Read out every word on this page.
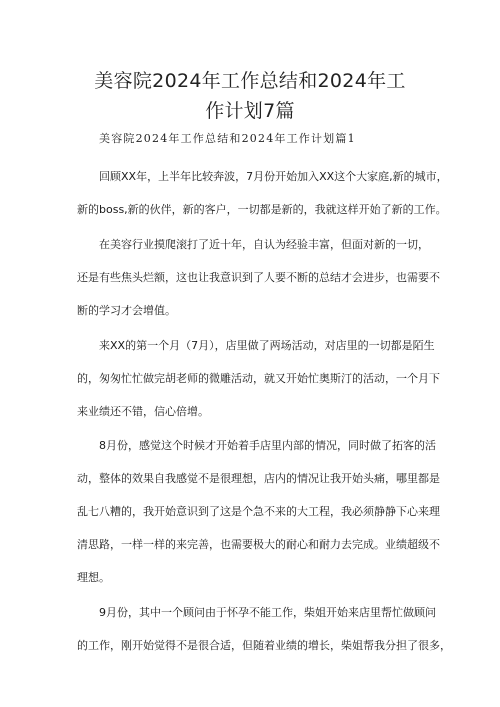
美容院2024年工作总结和2024年工
作计划7篇
美容院2024年工作总结和2024年工作计划篇1
回顾XX年，上半年比较奔波，7月份开始加入XX这个大家庭,新的城市，
新的boss,新的伙伴，新的客户，一切都是新的，我就这样开始了新的工作。
在美容行业摸爬滚打了近十年，自认为经验丰富，但面对新的一切，
还是有些焦头烂额，这也让我意识到了人要不断的总结才会进步，也需要不
断的学习才会增值。
来XX的第一个月（7月），店里做了两场活动，对店里的一切都是陌生
的，匆匆忙忙做完胡老师的微雕活动，就又开始忙奥斯汀的活动，一个月下
来业绩还不错，信心倍增。
8月份，感觉这个时候才开始着手店里内部的情况，同时做了拓客的活
动，整体的效果自我感觉不是很理想，店内的情况让我开始头痛，哪里都是
乱七八糟的，我开始意识到了这是个急不来的大工程，我必须静静下心来理
清思路，一样一样的来完善，也需要极大的耐心和耐力去完成。业绩超级不
理想。
9月份，其中一个顾问由于怀孕不能工作，柴姐开始来店里帮忙做顾问
的工作，刚开始觉得不是很合适，但随着业绩的增长，柴姐帮我分担了很多，
